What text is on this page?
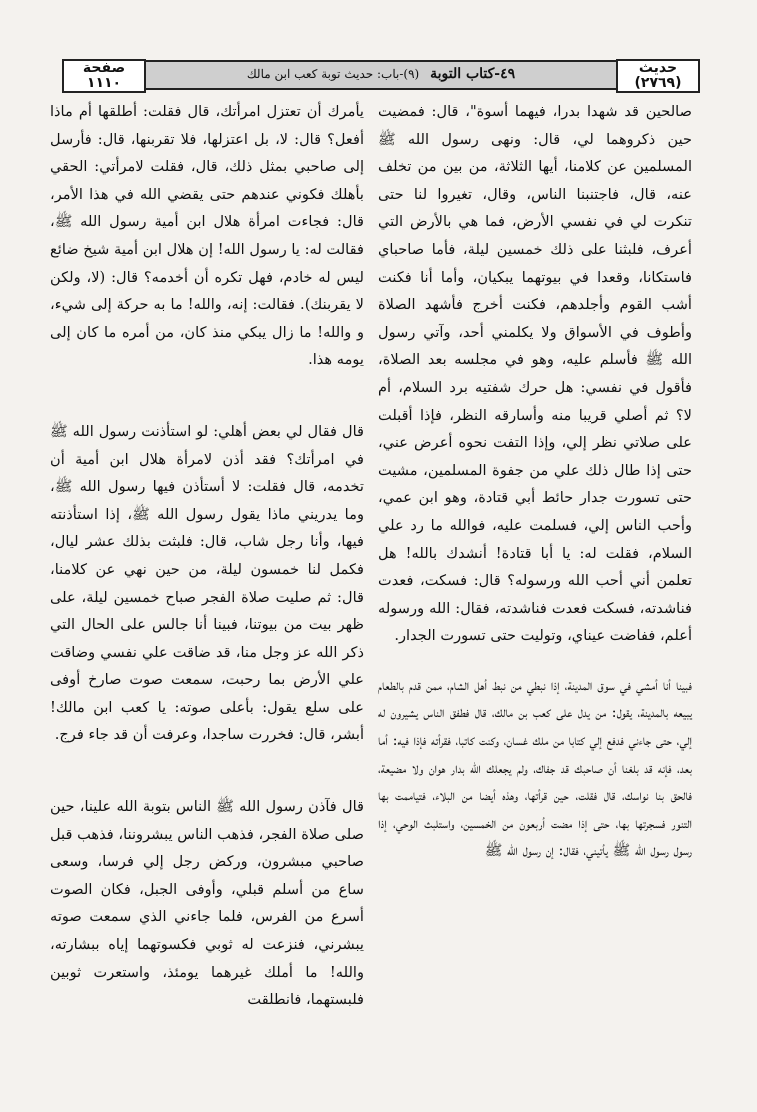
حديث
(٢٧٦٩)
٤٩-كتاب التوبة (٩)-باب: حديث توبة كعب ابن مالك
صفحة
١١١٠

صالحين قد شهدا بدرا، فيهما أسوة"، قال: فمضيت حين ذكروهما لي، قال: ونهى رسول الله ﷺ المسلمين عن كلامنا، أيها الثلاثة، من بين من تخلف عنه، قال، فاجتنبنا الناس، وقال، تغيروا لنا حتى تنكرت لي في نفسي الأرض، فما هي بالأرض التي أعرف، فلبثنا على ذلك خمسين ليلة، فأما صاحباي فاستكانا، وقعدا في بيوتهما يبكيان، وأما أنا فكنت أشب القوم وأجلدهم، فكنت أخرج فأشهد الصلاة وأطوف في الأسواق ولا يكلمني أحد، وآتي رسول الله ﷺ فأسلم عليه، وهو في مجلسه بعد الصلاة، فأقول في نفسي: هل حرك شفتيه برد السلام، أم لا؟ ثم أصلي قريبا منه وأسارقه النظر، فإذا أقبلت على صلاتي نظر إلي، وإذا التفت نحوه أعرض عني، حتى إذا طال ذلك علي من جفوة المسلمين، مشيت حتى تسورت جدار حائط أبي قتادة، وهو ابن عمي، وأحب الناس إلي، فسلمت عليه، فوالله ما رد علي السلام، فقلت له: يا أبا قتادة! أنشدك بالله! هل تعلمن أني أحب الله ورسوله؟ قال: فسكت، فعدت فناشدته، فسكت فعدت فناشدته، فقال: الله ورسوله أعلم، ففاضت عيناي، وتوليت حتى تسورت الجدار.

فبينا أنا أمشي في سوق المدينة، إذا نبطي من نبط أهل الشام، ممن قدم بالطعام يبيعه بالمدينة، يقول: من يدل على كعب بن مالك، قال فطفق الناس يشيرون له إلي، حتى جاءني فدفع إلي كتابا من ملك غسان، وكنت كاتبا، فقرأته فإذا فيه: أما بعد، فإنه قد بلغنا أن صاحبك قد جفاك، ولم يجعلك الله بدار هوان ولا مضيعة، فالحق بنا نواسك، قال فقلت، حين قرأتها، وهذه أيضا من البلاء، فتياممت بها التنور فسجرتها بها، حتى إذا مضت أربعون من الخمسين، واستلبث الوحي، إذا رسول رسول الله ﷺ يأتيني، فقال: إن رسول الله ﷺ

يأمرك أن تعتزل امرأتك، قال فقلت: أطلقها أم ماذا أفعل؟ قال: لا، بل اعتزلها، فلا تقربنها، قال: فأرسل إلى صاحبي بمثل ذلك، قال، فقلت لامرأتي: الحقي بأهلك فكوني عندهم حتى يقضي الله في هذا الأمر، قال: فجاءت امرأة هلال ابن أمية رسول الله ﷺ، فقالت له: يا رسول الله! إن هلال ابن أمية شيخ ضائع ليس له خادم، فهل تكره أن أخدمه؟ قال: (لا، ولكن لا يقربنك). فقالت: إنه، والله! ما به حركة إلى شيء، و والله! ما زال يبكي منذ كان، من أمره ما كان إلى يومه هذا.

قال فقال لي بعض أهلي: لو استأذنت رسول الله ﷺ في امرأتك؟ فقد أذن لامرأة هلال ابن أمية أن تخدمه، قال فقلت: لا أستأذن فيها رسول الله ﷺ، وما يدريني ماذا يقول رسول الله ﷺ، إذا استأذنته فيها، وأنا رجل شاب، قال: فلبثت بذلك عشر ليال، فكمل لنا خمسون ليلة، من حين نهي عن كلامنا، قال: ثم صليت صلاة الفجر صباح خمسين ليلة، على ظهر بيت من بيوتنا، فبينا أنا جالس على الحال التي ذكر الله عز وجل منا، قد ضاقت علي نفسي وضاقت علي الأرض بما رحبت، سمعت صوت صارخ أوفى على سلع يقول: بأعلى صوته: يا كعب ابن مالك! أبشر، قال: فخررت ساجدا، وعرفت أن قد جاء فرج.

قال فآذن رسول الله ﷺ الناس بتوبة الله علينا، حين صلى صلاة الفجر، فذهب الناس يبشروننا، فذهب قبل صاحبي مبشرون، وركض رجل إلي فرسا، وسعى ساع من أسلم قبلي، وأوفى الجبل، فكان الصوت أسرع من الفرس، فلما جاءني الذي سمعت صوته يبشرني، فنزعت له ثوبي فكسوتهما إياه ببشارته، والله! ما أملك غيرهما يومئذ، واستعرت ثوبين فلبستهما، فانطلقت
